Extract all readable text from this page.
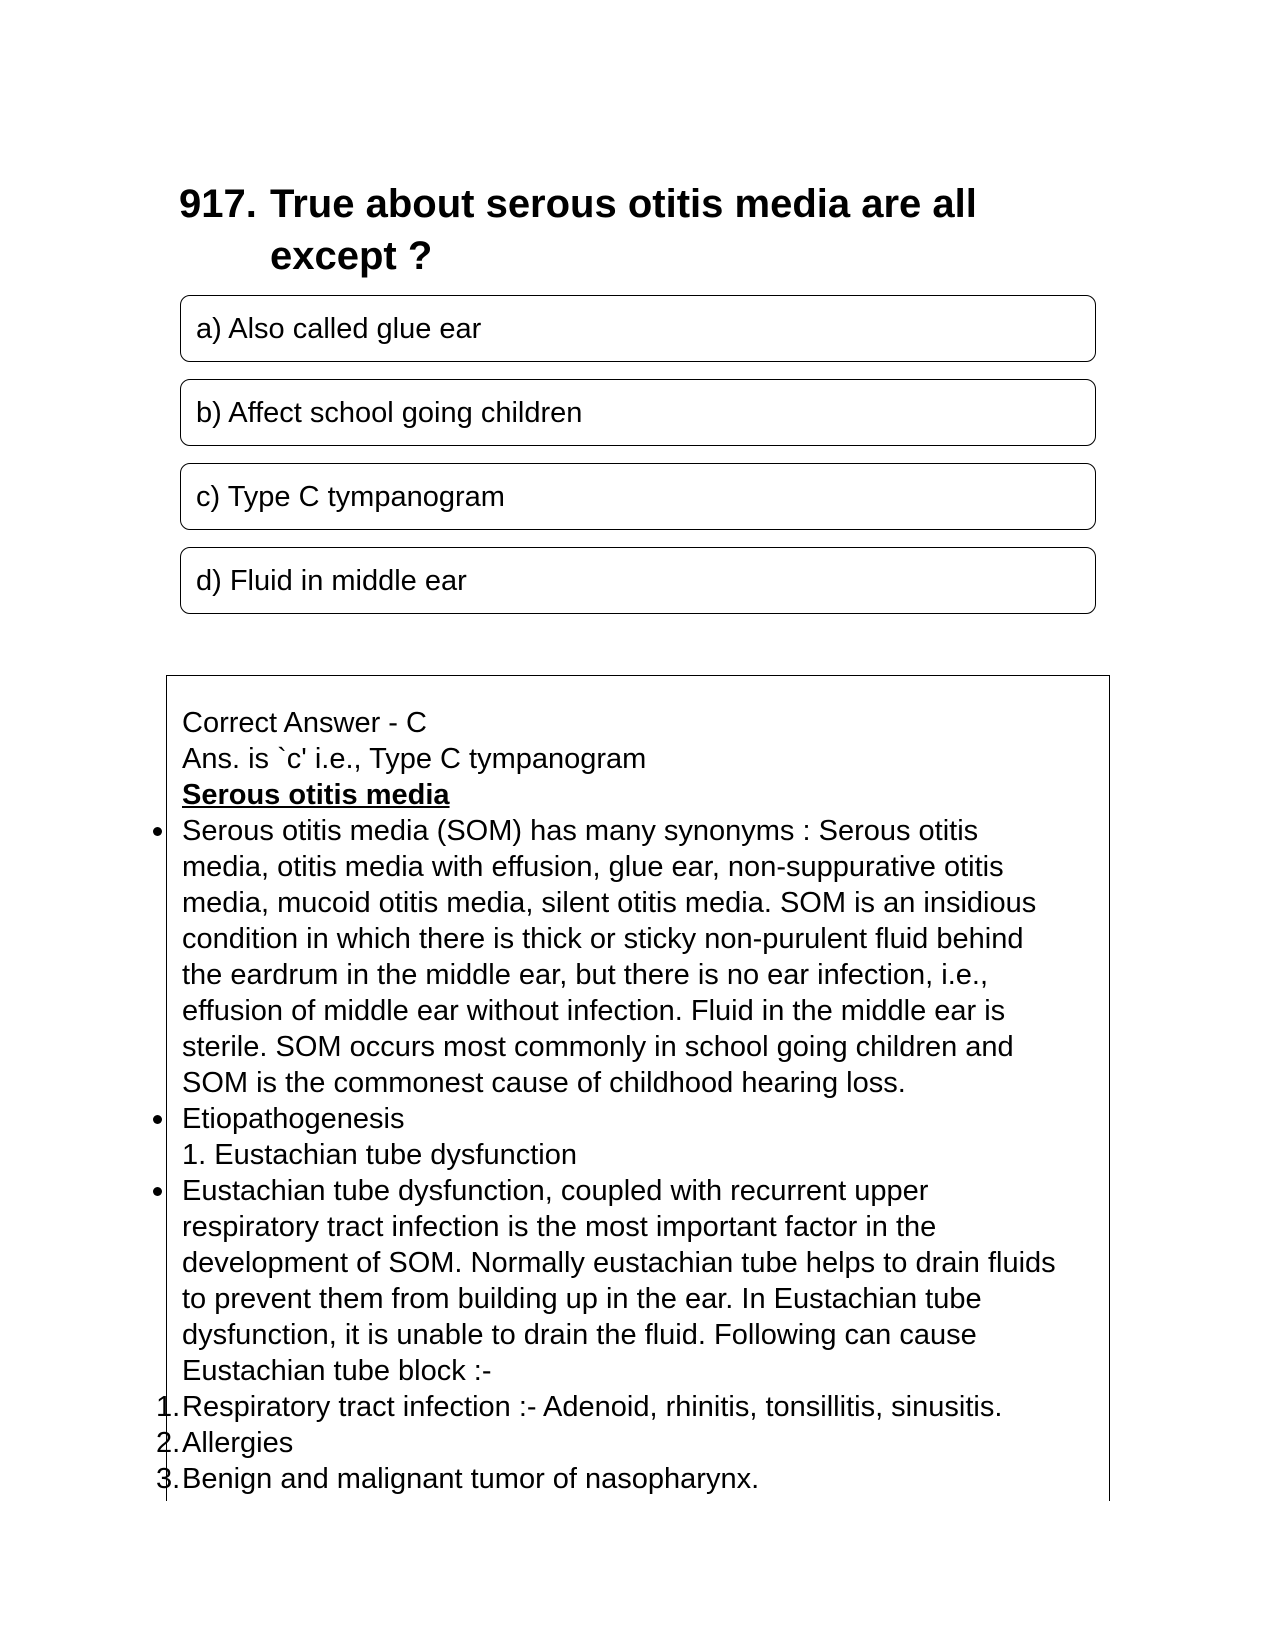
917. True about serous otitis media are all
except ?
a) Also called glue ear
b) Affect school going children
c) Type C tympanogram
d) Fluid in middle ear
Correct Answer - C
Ans. is `c' i.e., Type C tympanogram
Serous otitis media
Serous otitis media (SOM) has many synonyms : Serous otitis
media, otitis media with effusion, glue ear, non-suppurative otitis
media, mucoid otitis media, silent otitis media. SOM is an insidious
condition in which there is thick or sticky non-purulent fluid behind
the eardrum in the middle ear, but there is no ear infection, i.e.,
effusion of middle ear without infection. Fluid in the middle ear is
sterile. SOM occurs most commonly in school going children and
SOM is the commonest cause of childhood hearing loss.
Etiopathogenesis
1. Eustachian tube dysfunction
Eustachian tube dysfunction, coupled with recurrent upper
respiratory tract infection is the most important factor in the
development of SOM. Normally eustachian tube helps to drain fluids
to prevent them from building up in the ear. In Eustachian tube
dysfunction, it is unable to drain the fluid. Following can cause
Eustachian tube block :-
1. Respiratory tract infection :- Adenoid, rhinitis, tonsillitis, sinusitis.
2. Allergies
3. Benign and malignant tumor of nasopharynx.
